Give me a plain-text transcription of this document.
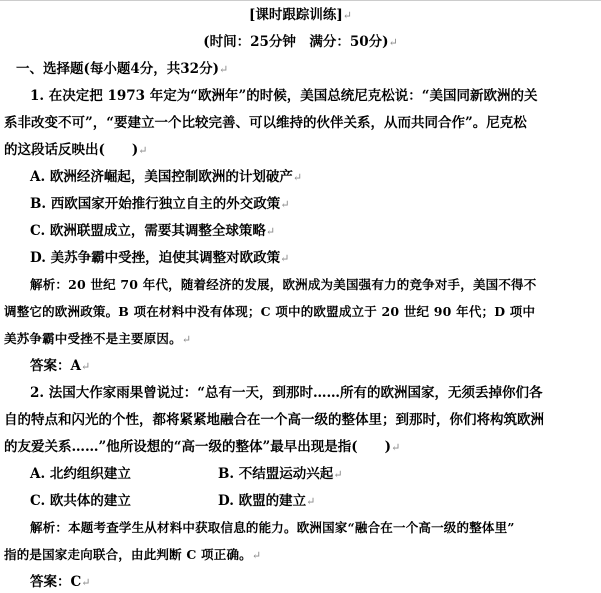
[课时跟踪训练]↵
(时间：25分钟　满分：50分)↵
一、选择题(每小题4分，共32分)↵
1. 在决定把 1973 年定为“欧洲年”的时候，美国总统尼克松说：“美国同新欧洲的关
系非改变不可”，“要建立一个比较完善、可以维持的伙伴关系，从而共同合作”。尼克松
的这段话反映出(　　)↵
A. 欧洲经济崛起，美国控制欧洲的计划破产↵
B. 西欧国家开始推行独立自主的外交政策↵
C. 欧洲联盟成立，需要其调整全球策略↵
D. 美苏争霸中受挫，迫使其调整对欧政策↵
解析：20 世纪 70 年代，随着经济的发展，欧洲成为美国强有力的竞争对手，美国不得不
调整它的欧洲政策。B 项在材料中没有体现；C 项中的欧盟成立于 20 世纪 90 年代；D 项中
美苏争霸中受挫不是主要原因。↵
答案：A↵
2. 法国大作家雨果曾说过：“总有一天，到那时……所有的欧洲国家，无须丢掉你们各
自的特点和闪光的个性，都将紧紧地融合在一个高一级的整体里；到那时，你们将构筑欧洲
的友爱关系……”他所设想的“高一级的整体”最早出现是指(　　)↵
A. 北约组织建立	B. 不结盟运动兴起↵
C. 欧共体的建立	D. 欧盟的建立↵
解析：本题考查学生从材料中获取信息的能力。欧洲国家“融合在一个高一级的整体里”
指的是国家走向联合，由此判断 C 项正确。↵
答案：C↵
